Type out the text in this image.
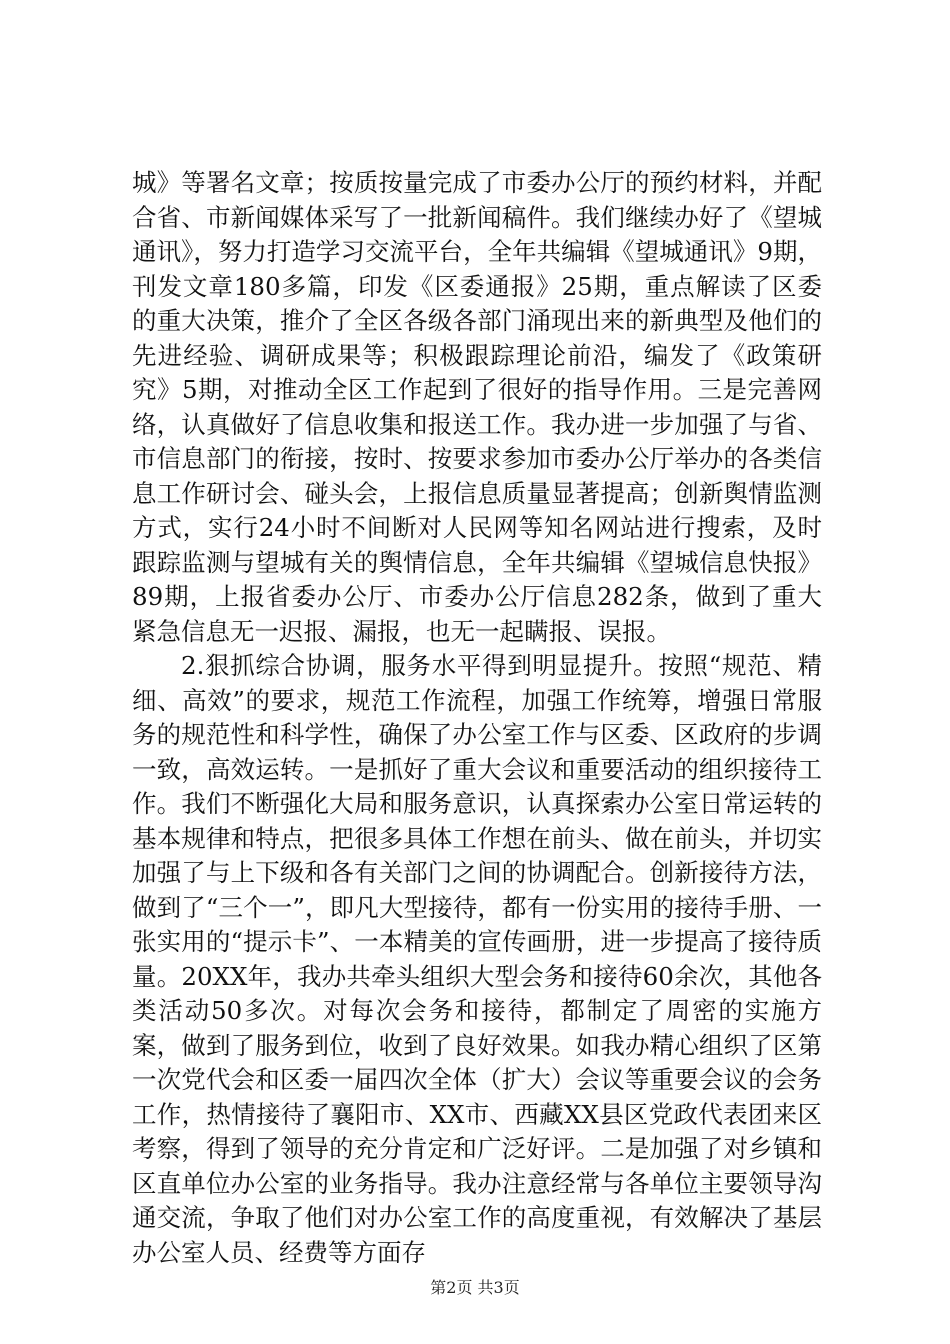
城》等署名文章；按质按量完成了市委办公厅的预约材料，并配合省、市新闻媒体采写了一批新闻稿件。我们继续办好了《望城通讯》，努力打造学习交流平台，全年共编辑《望城通讯》9期，刊发文章180多篇，印发《区委通报》25期，重点解读了区委的重大决策，推介了全区各级各部门涌现出来的新典型及他们的先进经验、调研成果等；积极跟踪理论前沿，编发了《政策研究》5期，对推动全区工作起到了很好的指导作用。三是完善网络，认真做好了信息收集和报送工作。我办进一步加强了与省、市信息部门的衔接，按时、按要求参加市委办公厅举办的各类信息工作研讨会、碰头会，上报信息质量显著提高；创新舆情监测方式，实行24小时不间断对人民网等知名网站进行搜索，及时跟踪监测与望城有关的舆情信息，全年共编辑《望城信息快报》89期，上报省委办公厅、市委办公厅信息282条，做到了重大紧急信息无一迟报、漏报，也无一起瞒报、误报。

2.狠抓综合协调，服务水平得到明显提升。按照“规范、精细、高效”的要求，规范工作流程，加强工作统筹，增强日常服务的规范性和科学性，确保了办公室工作与区委、区政府的步调一致，高效运转。一是抓好了重大会议和重要活动的组织接待工作。我们不断强化大局和服务意识，认真探索办公室日常运转的基本规律和特点，把很多具体工作想在前头、做在前头，并切实加强了与上下级和各有关部门之间的协调配合。创新接待方法，做到了“三个一”，即凡大型接待，都有一份实用的接待手册、一张实用的“提示卡”、一本精美的宣传画册，进一步提高了接待质量。20XX年，我办共牵头组织大型会务和接待60余次，其他各类活动50多次。对每次会务和接待，都制定了周密的实施方案，做到了服务到位，收到了良好效果。如我办精心组织了区第一次党代会和区委一届四次全体（扩大）会议等重要会议的会务工作，热情接待了襄阳市、XX市、西藏XX县区党政代表团来区考察，得到了领导的充分肯定和广泛好评。二是加强了对乡镇和区直单位办公室的业务指导。我办注意经常与各单位主要领导沟通交流，争取了他们对办公室工作的高度重视，有效解决了基层办公室人员、经费等方面存

第2页 共3页
